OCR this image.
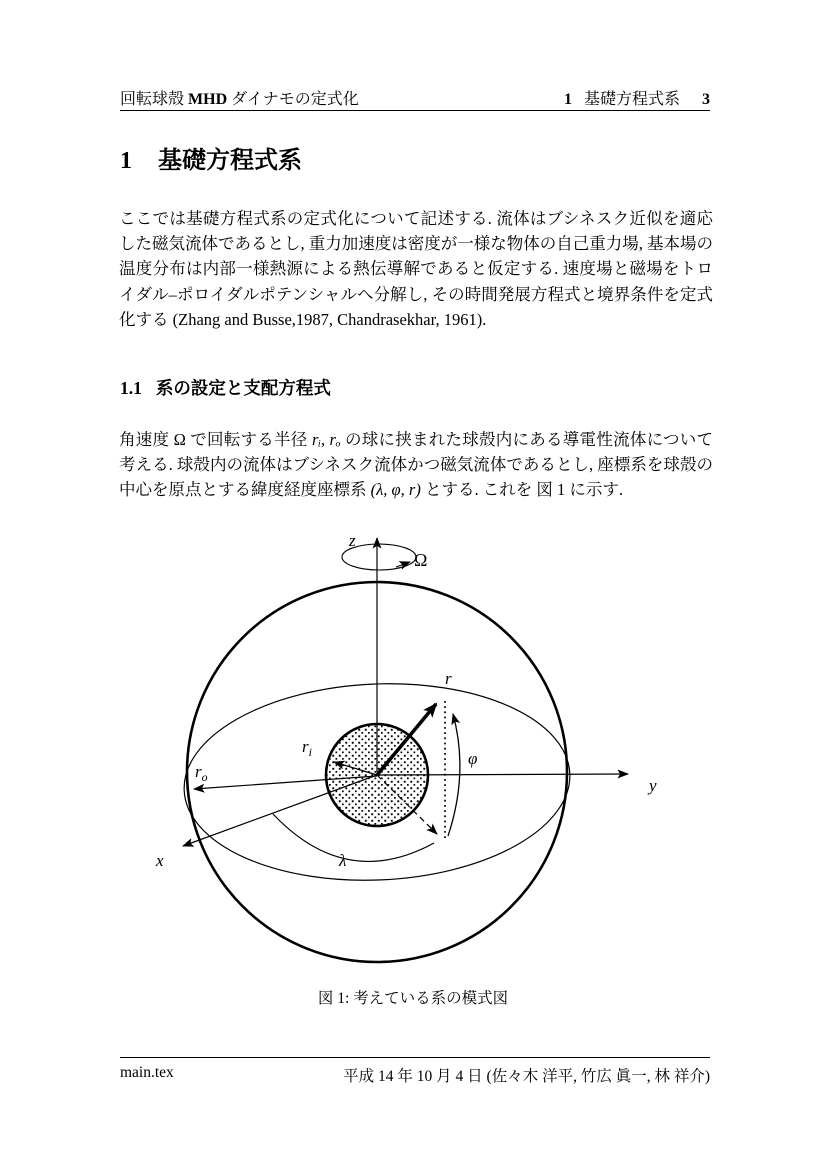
回転球殻 MHD ダイナモの定式化	1 基礎方程式系 3
1 基礎方程式系
ここでは基礎方程式系の定式化について記述する. 流体はブシネスク近似を適応した磁気流体であるとし, 重力加速度は密度が一様な物体の自己重力場, 基本場の温度分布は内部一様熱源による熱伝導解であると仮定する. 速度場と磁場をトロイダル–ポロイダルポテンシャルへ分解し, その時間発展方程式と境界条件を定式化する (Zhang and Busse,1987, Chandrasekhar, 1961).
1.1 系の設定と支配方程式
角速度 Ω で回転する半径 rᵢ, rₒ の球に挟まれた球殻内にある導電性流体について考える. 球殻内の流体はブシネスク流体かつ磁気流体であるとし, 座標系を球殻の中心を原点とする緯度経度座標系 (λ, φ, r) とする. これを 図 1 に示す.
z
Ω
r
$r_i$
$r_o$
φ
λ
x
y
図 1: 考えている系の模式図
main.tex	平成 14 年 10 月 4 日 (佐々木 洋平, 竹広 眞一, 林 祥介)
